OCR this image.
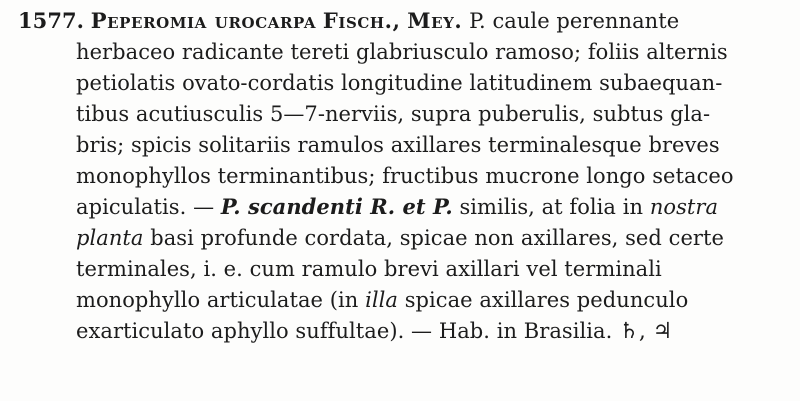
1577. Peperomia urocarpa Fisch., Mey. P. caule perennante
herbaceo radicante tereti glabriusculo ramoso; foliis alternis
petiolatis ovato-cordatis longitudine latitudinem subaequan-
tibus acutiusculis 5—7-nerviis, supra puberulis, subtus gla-
bris; spicis solitariis ramulos axillares terminalesque breves
monophyllos terminantibus; fructibus mucrone longo setaceo
apiculatis. — P. scandenti R. et P. similis, at folia in nostra
planta basi profunde cordata, spicae non axillares, sed certe
terminales, i. e. cum ramulo brevi axillari vel terminali
monophyllo articulatae (in illa spicae axillares pedunculo
exarticulato aphyllo suffultae). — Hab. in Brasilia. ♄, ♃
